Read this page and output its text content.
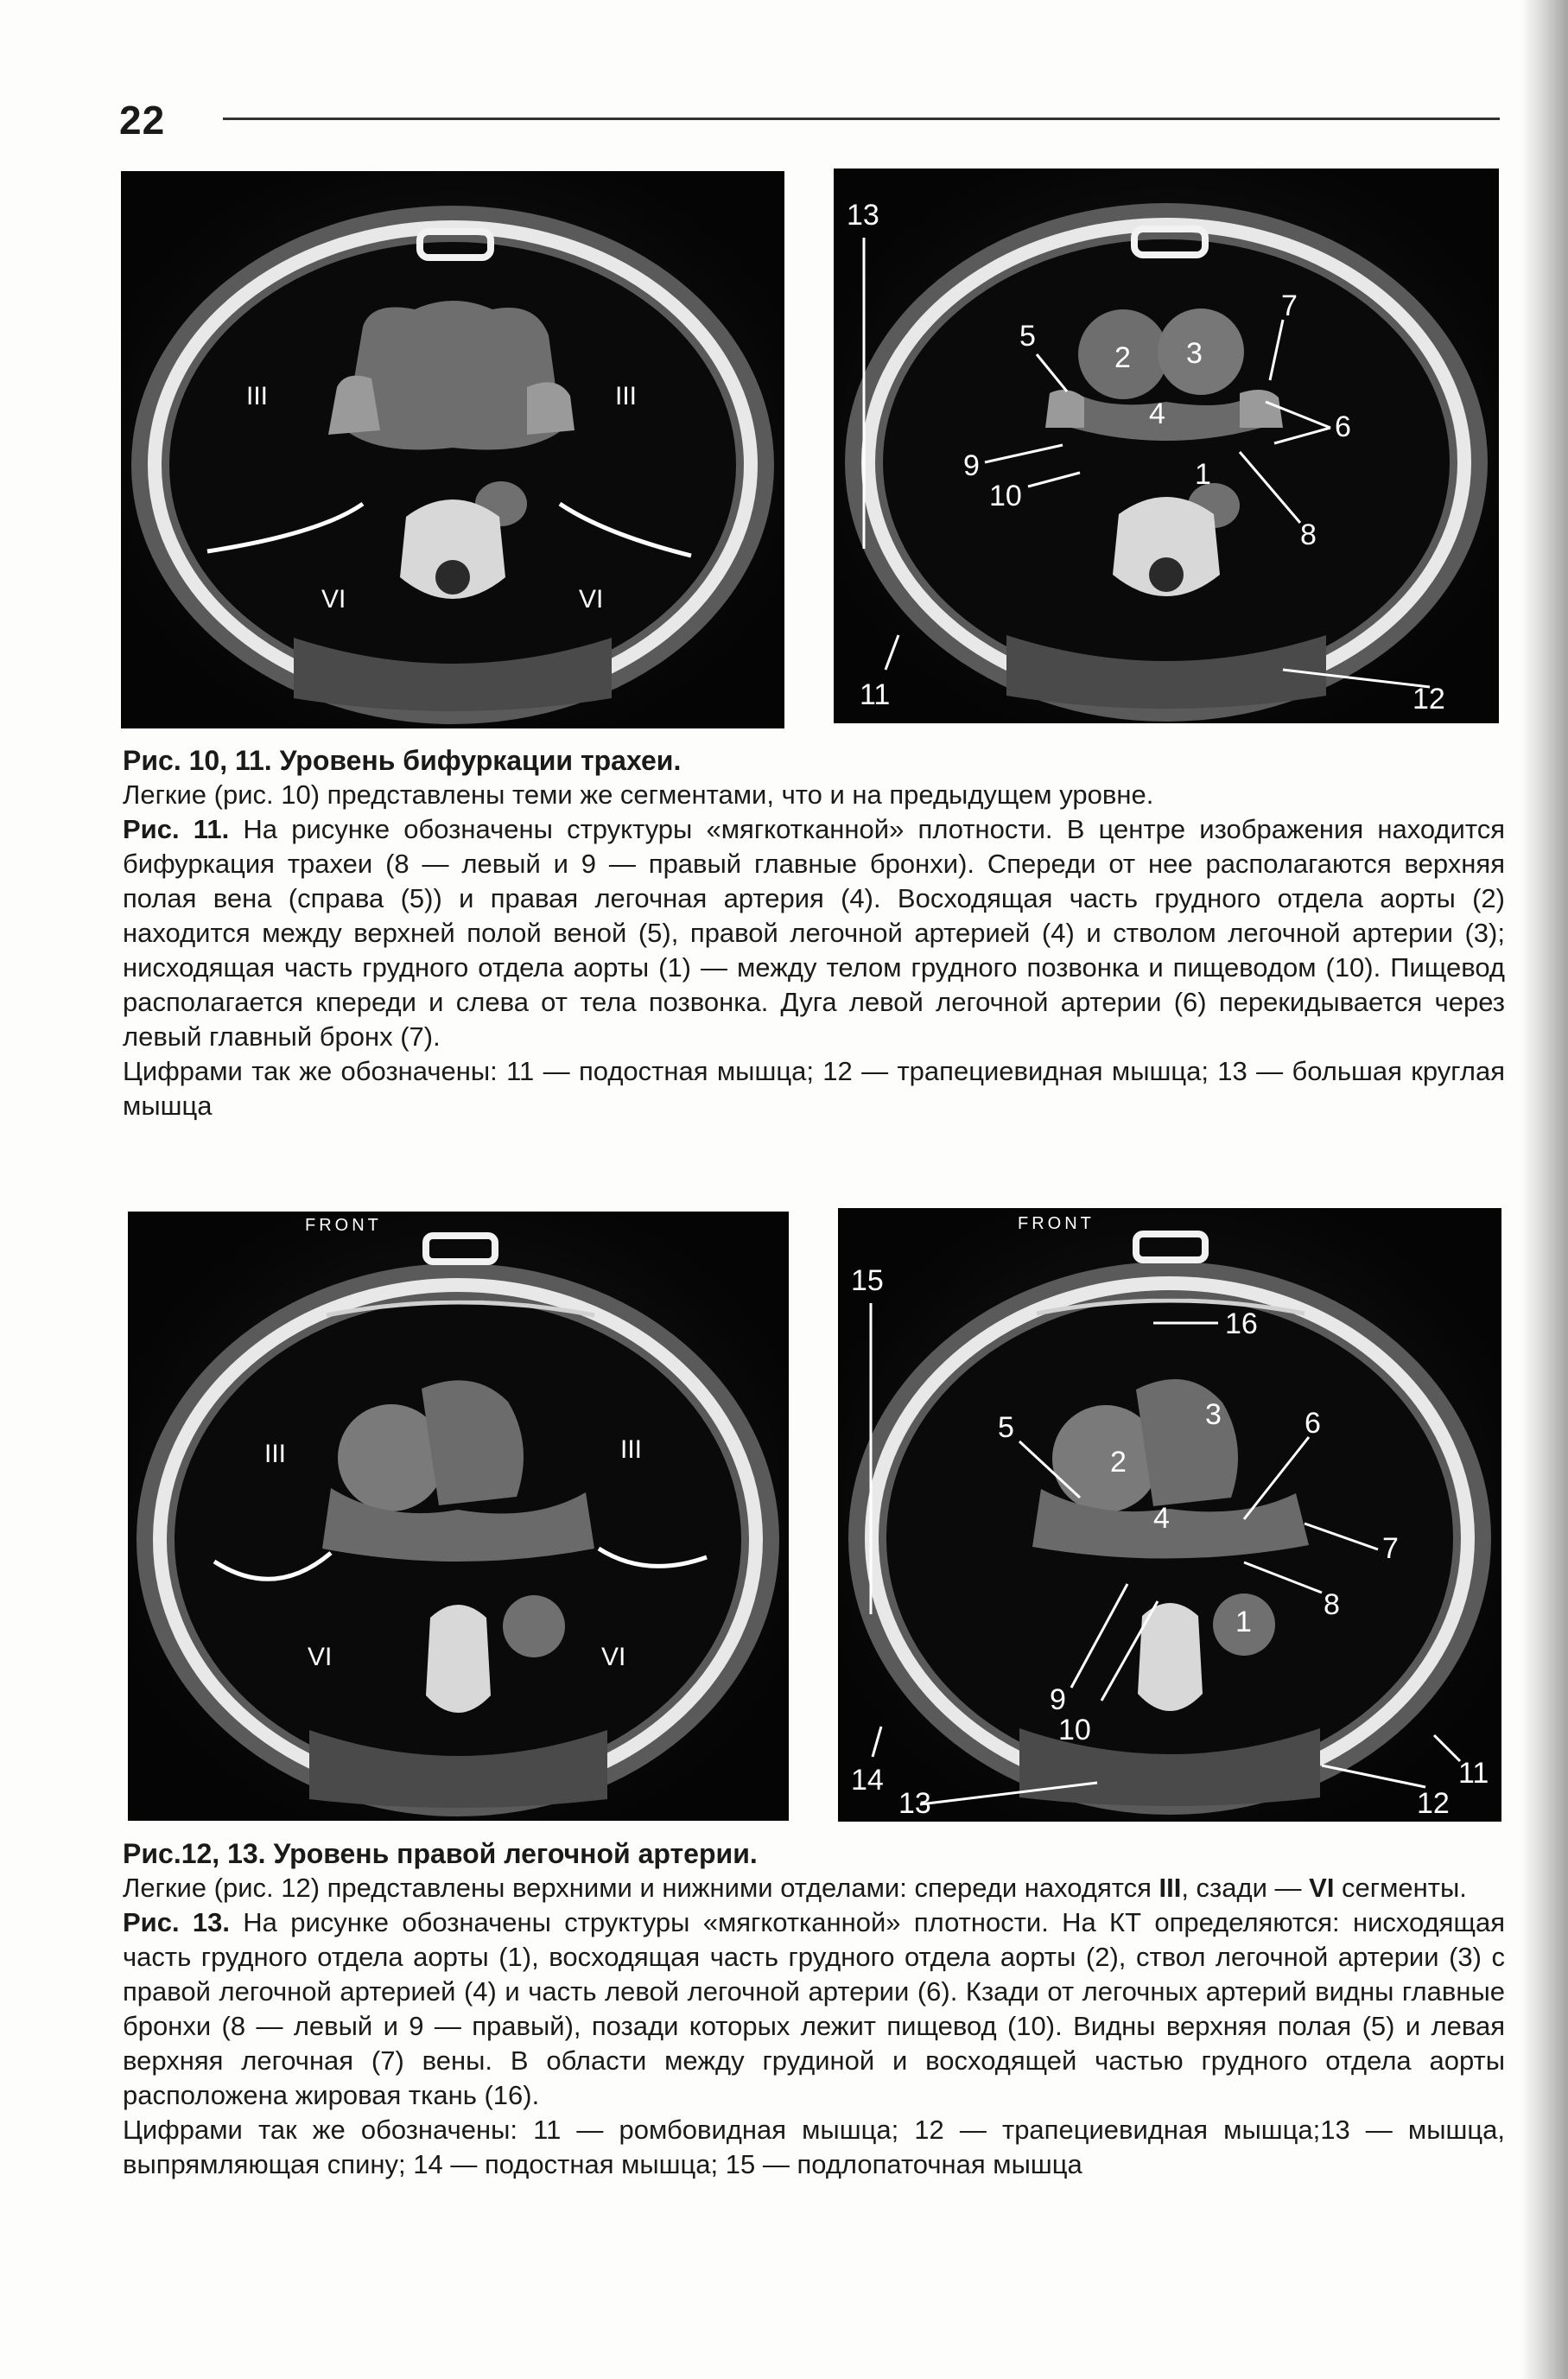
22
III	III
VI	VI
13
5
2 3
7
4	6
9	1
10
8
11	12

Рис. 10, 11. Уровень бифуркации трахеи.

Легкие (рис. 10) представлены теми же сегментами, что и на предыдущем уровне.

Рис. 11. На рисунке обозначены структуры «мягкотканной» плотности. В центре изображения находится бифуркация трахеи (8 — левый и 9 — правый главные бронхи). Спереди от нее располагаются верхняя полая вена (справа (5)) и правая легочная артерия (4). Восходящая часть грудного отдела аорты (2) находится между верхней полой веной (5), правой легочной артерией (4) и стволом легочной артерии (3); нисходящая часть грудного отдела аорты (1) — между телом грудного позвонка и пищеводом (10). Пищевод располагается кпереди и слева от тела позвонка. Дуга левой легочной артерии (6) перекидывается через левый главный бронх (7).

Цифрами так же обозначены: 11 — подостная мышца; 12 — трапециевидная мышца; 13 — большая круглая мышца

FRONT
III	III
VI	VI
FRONT
15
16
3
5	6
2
4
7
8
1
9
10
14
13
11
12

Рис.12, 13. Уровень правой легочной артерии.

Легкие (рис. 12) представлены верхними и нижними отделами: спереди находятся III, сзади — VI сегменты.

Рис. 13. На рисунке обозначены структуры «мягкотканной» плотности. На КТ определяются: нисходящая часть грудного отдела аорты (1), восходящая часть грудного отдела аорты (2), ствол легочной артерии (3) с правой легочной артерией (4) и часть левой легочной артерии (6). Кзади от легочных артерий видны главные бронхи (8 — левый и 9 — правый), позади которых лежит пищевод (10). Видны верхняя полая (5) и левая верхняя легочная (7) вены. В области между грудиной и восходящей частью грудного отдела аорты расположена жировая ткань (16).

Цифрами так же обозначены: 11 — ромбовидная мышца; 12 — трапециевидная мышца;13 — мышца, выпрямляющая спину; 14 — подостная мышца; 15 — подлопаточная мышца
